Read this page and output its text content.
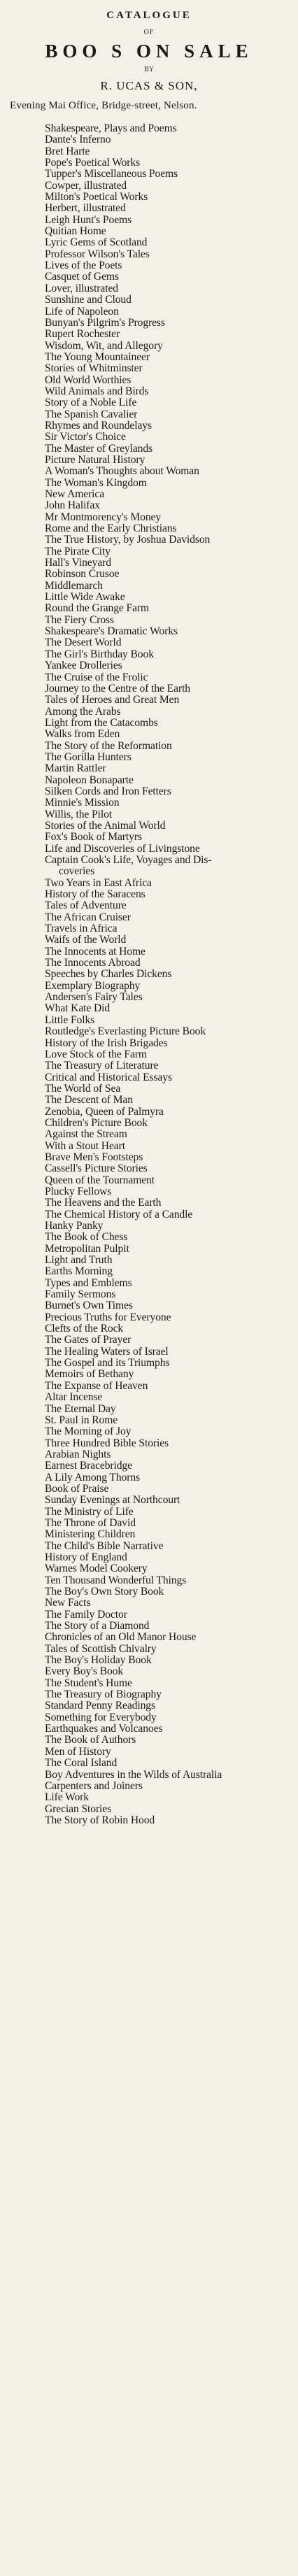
CATALOGUE
OF
BOO S ON SALE
BY
R. UCAS & SON,
Evening Mai Office, Bridge-street, Nelson.
Shakespeare, Plays and Poems
Dante's Inferno
Bret Harte
Pope's Poetical Works
Tupper's Miscellaneous Poems
Cowper, illustrated
Milton's Poetical Works
Herbert, illustrated
Leigh Hunt's Poems
Quitian Home
Lyric Gems of Scotland
Professor Wilson's Tales
Lives of the Poets
Casquet of Gems
Lover, illustrated
Sunshine and Cloud
Life of Napoleon
Bunyan's Pilgrim's Progress
Rupert Rochester
Wisdom, Wit, and Allegory
The Young Mountaineer
Stories of Whitminster
Old World Worthies
Wild Animals and Birds
Story of a Noble Life
The Spanish Cavalier
Rhymes and Roundelays
Sir Victor's Choice
The Master of Greylands
Picture Natural History
A Woman's Thoughts about Woman
The Woman's Kingdom
New America
John Halifax
Mr Montmorency's Money
Rome and the Early Christians
The True History, by Joshua Davidson
The Pirate City
Hall's Vineyard
Robinson Crusoe
Middlemarch
Little Wide Awake
Round the Grange Farm
The Fiery Cross
Shakespeare's Dramatic Works
The Desert World
The Girl's Birthday Book
Yankee Drolleries
The Cruise of the Frolic
Journey to the Centre of the Earth
Tales of Heroes and Great Men
Among the Arabs
Light from the Catacombs
Walks from Eden
The Story of the Reformation
The Gorilla Hunters
Martin Rattler
Napoleon Bonaparte
Silken Cords and Iron Fetters
Minnie's Mission
Willis, the Pilot
Stories of the Animal World
Fox's Book of Martyrs
Life and Discoveries of Livingstone
Captain Cook's Life, Voyages and Dis-
coveries
Two Years in East Africa
History of the Saracens
Tales of Adventure
The African Cruiser
Travels in Africa
Waifs of the World
The Innocents at Home
The Innocents Abroad
Speeches by Charles Dickens
Exemplary Biography
Andersen's Fairy Tales
What Kate Did
Little Folks
Routledge's Everlasting Picture Book
History of the Irish Brigades
Love Stock of the Farm
The Treasury of Literature
Critical and Historical Essays
The World of Sea
The Descent of Man
Zenobia, Queen of Palmyra
Children's Picture Book
Against the Stream
With a Stout Heart
Brave Men's Footsteps
Cassell's Picture Stories
Queen of the Tournament
Plucky Fellows
The Heavens and the Earth
The Chemical History of a Candle
Hanky Panky
The Book of Chess
Metropolitan Pulpit
Light and Truth
Earths Morning
Types and Emblems
Family Sermons
Burnet's Own Times
Precious Truths for Everyone
Clefts of the Rock
The Gates of Prayer
The Healing Waters of Israel
The Gospel and its Triumphs
Memoirs of Bethany
The Expanse of Heaven
Altar Incense
The Eternal Day
St. Paul in Rome
The Morning of Joy
Three Hundred Bible Stories
Arabian Nights
Earnest Bracebridge
A Lily Among Thorns
Book of Praise
Sunday Evenings at Northcourt
The Ministry of Life
The Throne of David
Ministering Children
The Child's Bible Narrative
History of England
Warnes Model Cookery
Ten Thousand Wonderful Things
The Boy's Own Story Book
New Facts
The Family Doctor
The Story of a Diamond
Chronicles of an Old Manor House
Tales of Scottish Chivalry
The Boy's Holiday Book
Every Boy's Book
The Student's Hume
The Treasury of Biography
Standard Penny Readings
Something for Everybody
Earthquakes and Volcanoes
The Book of Authors
Men of History
The Coral Island
Boy Adventures in the Wilds of Australia
Carpenters and Joiners
Life Work
Grecian Stories
The Story of Robin Hood
